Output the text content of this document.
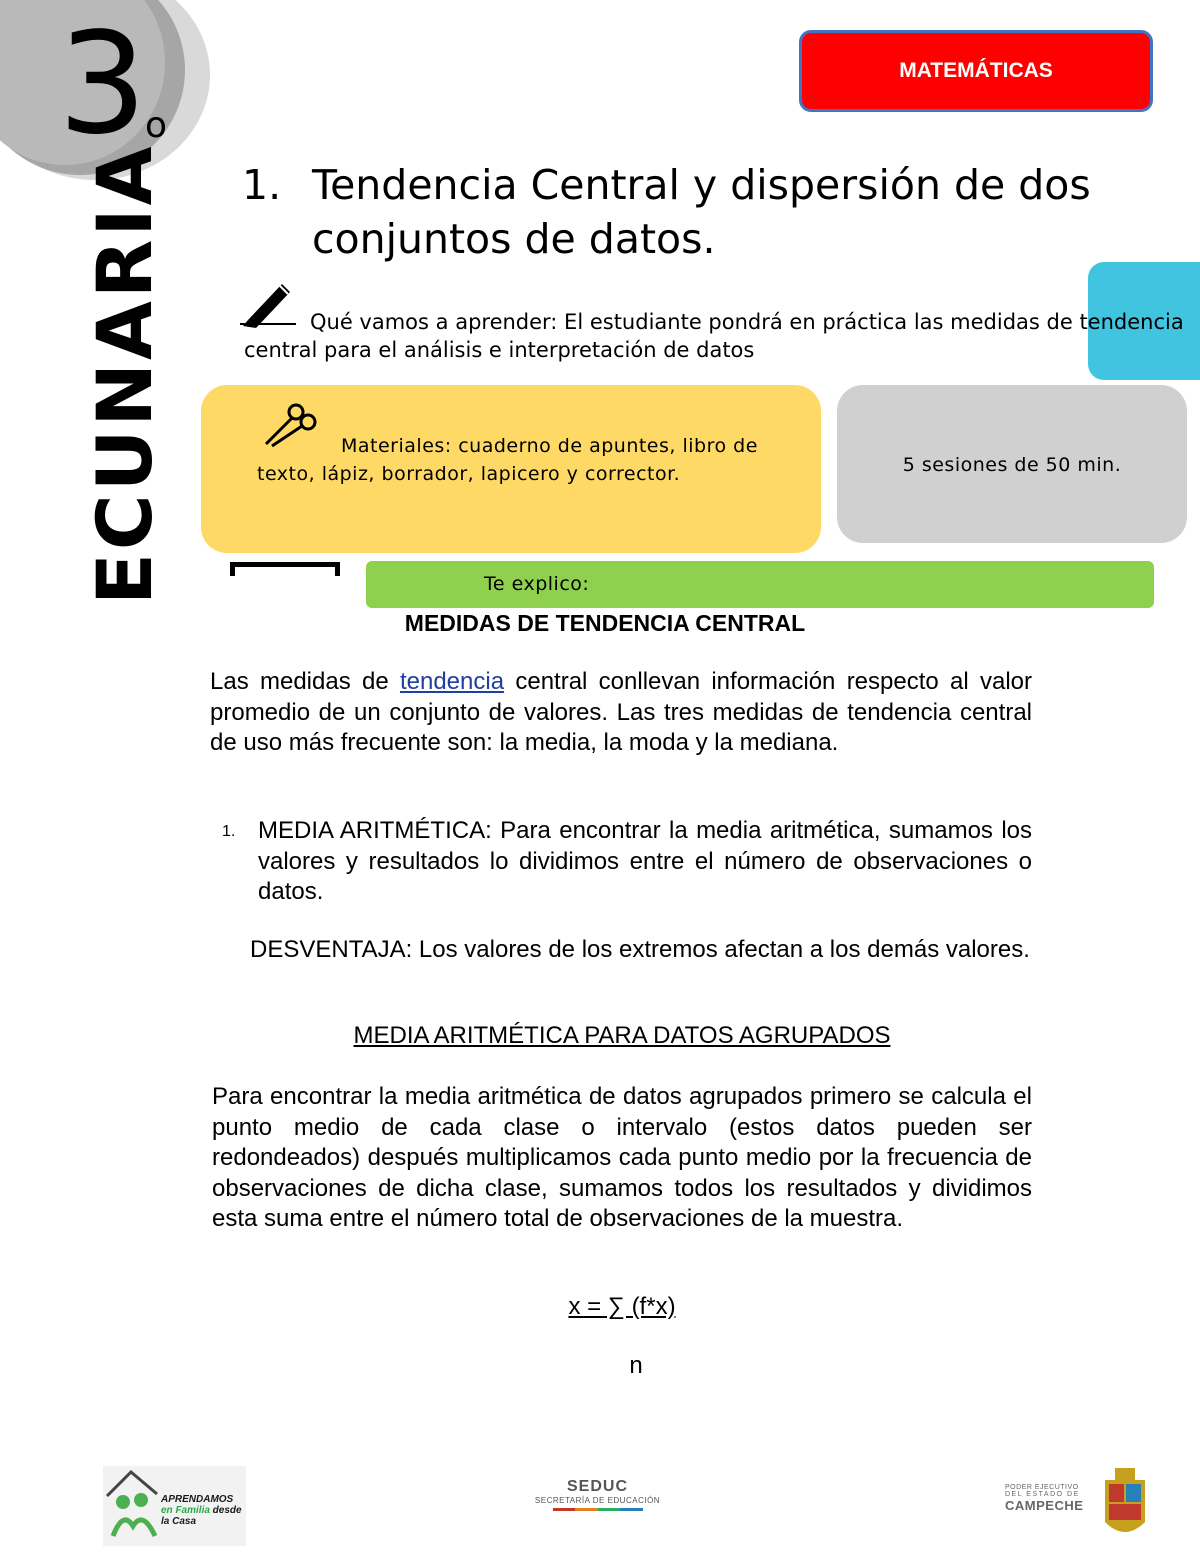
3
o
ECUNARIA
MATEMÁTICAS
1. Tendencia Central y dispersión de dos conjuntos de datos.
Qué vamos a aprender: El estudiante pondrá en práctica las medidas de tendencia central para el análisis e interpretación de datos
Materiales: cuaderno de apuntes, libro de texto, lápiz, borrador, lapicero y corrector.	5 sesiones de 50 min.
Te explico:
MEDIDAS DE TENDENCIA CENTRAL
Las medidas de tendencia central conllevan información respecto al valor promedio de un conjunto de valores. Las tres medidas de tendencia central de uso más frecuente son: la media, la moda y la mediana.
1. MEDIA ARITMÉTICA: Para encontrar la media aritmética, sumamos los valores y resultados lo dividimos entre el número de observaciones o datos.
DESVENTAJA: Los valores de los extremos afectan a los demás valores.
MEDIA ARITMÉTICA PARA DATOS AGRUPADOS
Para encontrar la media aritmética de datos agrupados primero se calcula el punto medio de cada clase o intervalo (estos datos pueden ser redondeados) después multiplicamos cada punto medio por la frecuencia de observaciones de dicha clase, sumamos todos los resultados y dividimos esta suma entre el número total de observaciones de la muestra.
x = ∑ (f*x)
n
APRENDAMOS
en Familia desde
la Casa
SEDUC
SECRETARÍA DE EDUCACIÓN
PODER EJECUTIVO
DEL ESTADO DE
CAMPECHE
